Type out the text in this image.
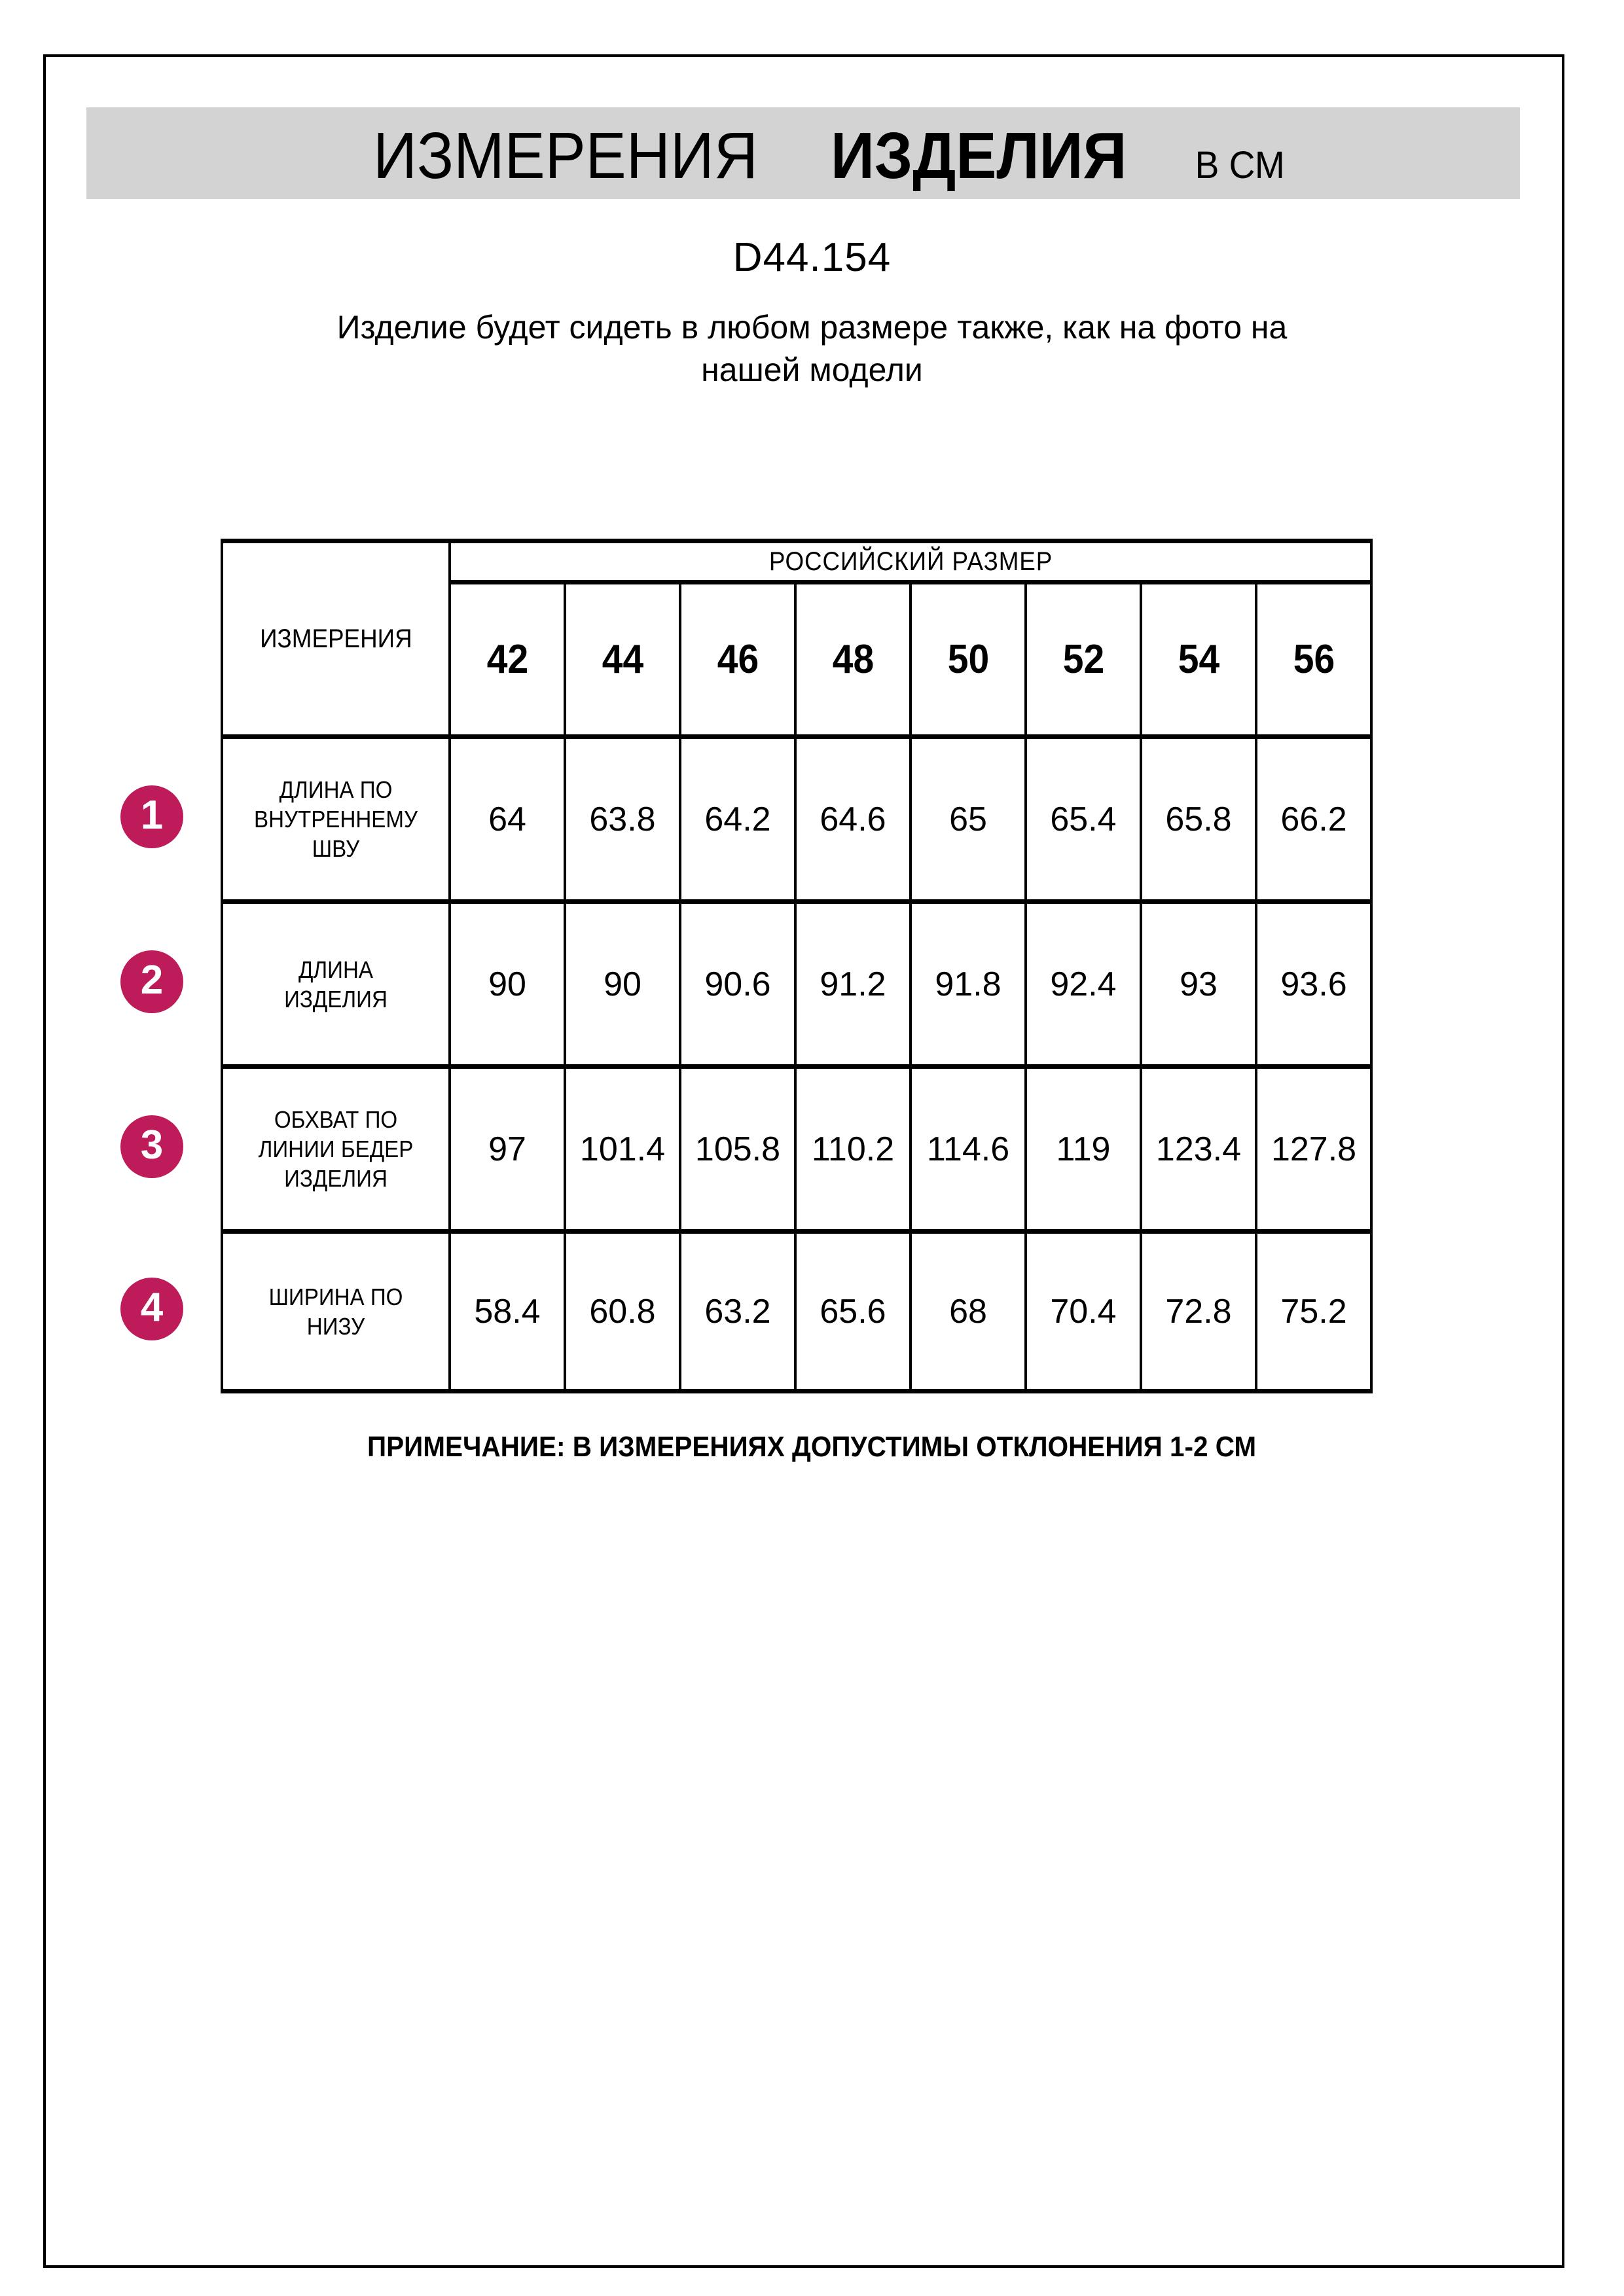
ИЗМЕРЕНИЯ ИЗДЕЛИЯ В СМ
D44.154
Изделие будет сидеть в любом размере также, как на фото на
нашей модели
ИЗМЕРЕНИЯ	РОССИЙСКИЙ РАЗМЕР							
	42	44	46	48	50	52	54	56

ДЛИНА ПО
ВНУТРЕННЕМУ
ШВУ	64	63.8	64.2	64.6	65	65.4	65.8	66.2

ДЛИНА
ИЗДЕЛИЯ	90	90	90.6	91.2	91.8	92.4	93	93.6

ОБХВАТ ПО
ЛИНИИ БЕДЕР
ИЗДЕЛИЯ	97	101.4	105.8	110.2	114.6	119	123.4	127.8

ШИРИНА ПО
НИЗУ	58.4	60.8	63.2	65.6	68	70.4	72.8	75.2
1
2
3
4
ПРИМЕЧАНИЕ: В ИЗМЕРЕНИЯХ ДОПУСТИМЫ ОТКЛОНЕНИЯ 1-2 СМ
